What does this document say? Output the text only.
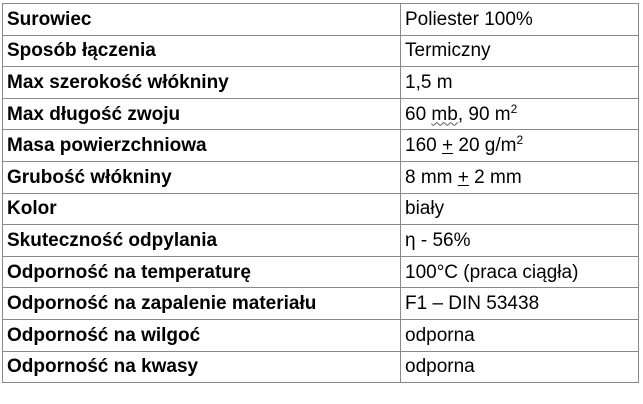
Surowiec	Poliester 100%
Sposób łączenia	Termiczny
Max szerokość włókniny	1,5 m
Max długość zwoju	60 mb, 90 $m^2$
Masa powierzchniowa	160 + 20 $g/m^2$
Grubość włókniny	8 mm + 2 mm
Kolor	biały
Skuteczność odpylania	η - 56%
Odporność na temperaturę	100°C (praca ciągła)
Odporność na zapalenie materiału	F1 – DIN 53438
Odporność na wilgoć	odporna
Odporność na kwasy	odporna
